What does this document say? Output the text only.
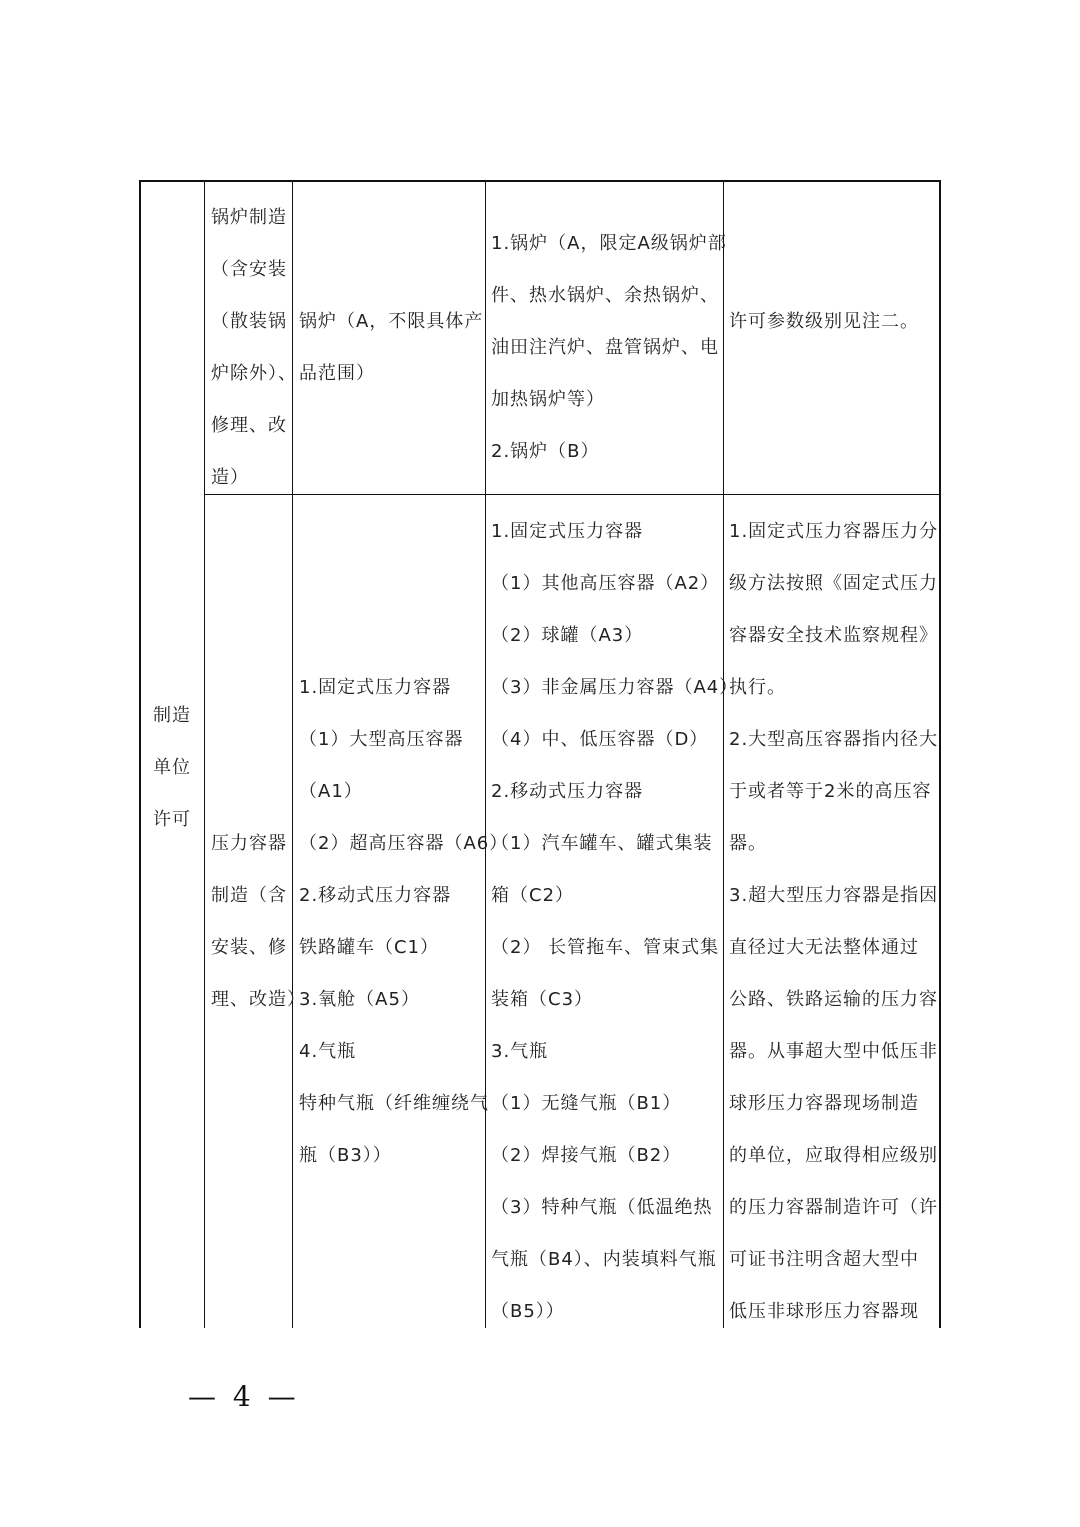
制造
单位
许可
锅炉制造
（含安装
（散装锅
炉除外）、
修理、改
造）
锅炉（A，不限具体产
品范围）
1.锅炉（A，限定A级锅炉部
件、热水锅炉、余热锅炉、
油田注汽炉、盘管锅炉、电
加热锅炉等）
2.锅炉（B）
许可参数级别见注二。
压力容器
制造（含
安装、修
理、改造）
1.固定式压力容器
（1）大型高压容器
（A1）
（2）超高压容器（A6）
2.移动式压力容器
铁路罐车（C1）
3.氧舱（A5）
4.气瓶
特种气瓶（纤维缠绕气
瓶（B3））
1.固定式压力容器
（1）其他高压容器（A2）
（2）球罐（A3）
（3）非金属压力容器（A4）
（4）中、低压容器（D）
2.移动式压力容器
（1）汽车罐车、罐式集装
箱（C2）
（2） 长管拖车、管束式集
装箱（C3）
3.气瓶
（1）无缝气瓶（B1）
（2）焊接气瓶（B2）
（3）特种气瓶（低温绝热
气瓶（B4）、内装填料气瓶
（B5））
1.固定式压力容器压力分
级方法按照《固定式压力
容器安全技术监察规程》
执行。
2.大型高压容器指内径大
于或者等于2米的高压容
器。
3.超大型压力容器是指因
直径过大无法整体通过
公路、铁路运输的压力容
器。从事超大型中低压非
球形压力容器现场制造
的单位，应取得相应级别
的压力容器制造许可（许
可证书注明含超大型中
低压非球形压力容器现
— 4 —
